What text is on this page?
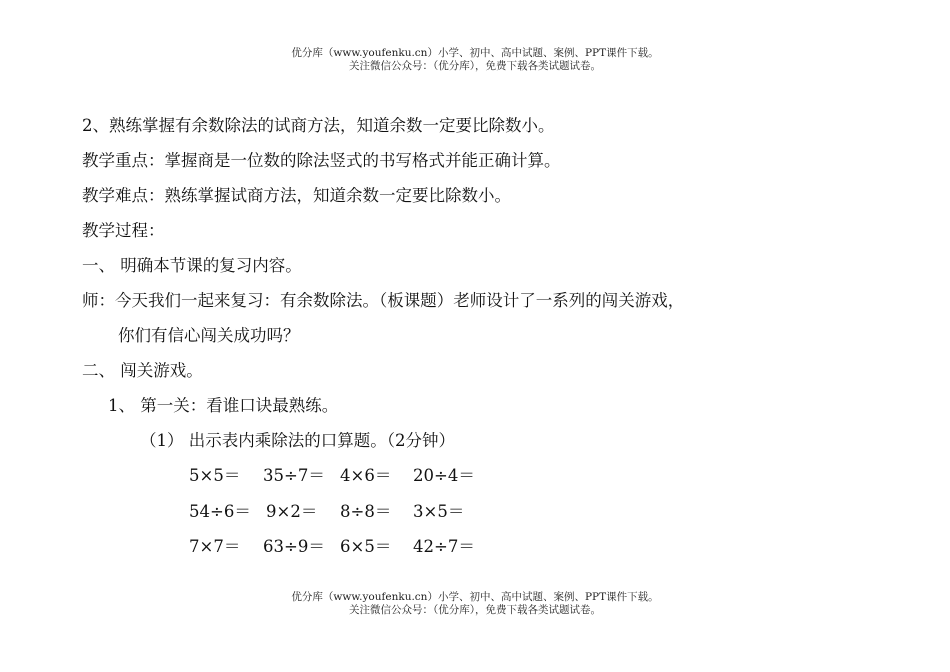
优分库（www.youfenku.cn）小学、初中、高中试题、案例、PPT课件下载。
关注微信公众号：（优分库），免费下载各类试题试卷。
2、熟练掌握有余数除法的试商方法，知道余数一定要比除数小。
教学重点：掌握商是一位数的除法竖式的书写格式并能正确计算。
教学难点：熟练掌握试商方法，知道余数一定要比除数小。
教学过程：
一、 明确本节课的复习内容。
师：今天我们一起来复习：有余数除法。（板课题）老师设计了一系列的闯关游戏，
你们有信心闯关成功吗？
二、 闯关游戏。
1、 第一关：看谁口诀最熟练。
（1） 出示表内乘除法的口算题。（2分钟）
5×5＝ 35÷7＝ 4×6＝ 20÷4＝
54÷6＝ 9×2＝ 8÷8＝ 3×5＝
7×7＝ 63÷9＝ 6×5＝ 42÷7＝
优分库（www.youfenku.cn）小学、初中、高中试题、案例、PPT课件下载。
关注微信公众号：（优分库），免费下载各类试题试卷。
